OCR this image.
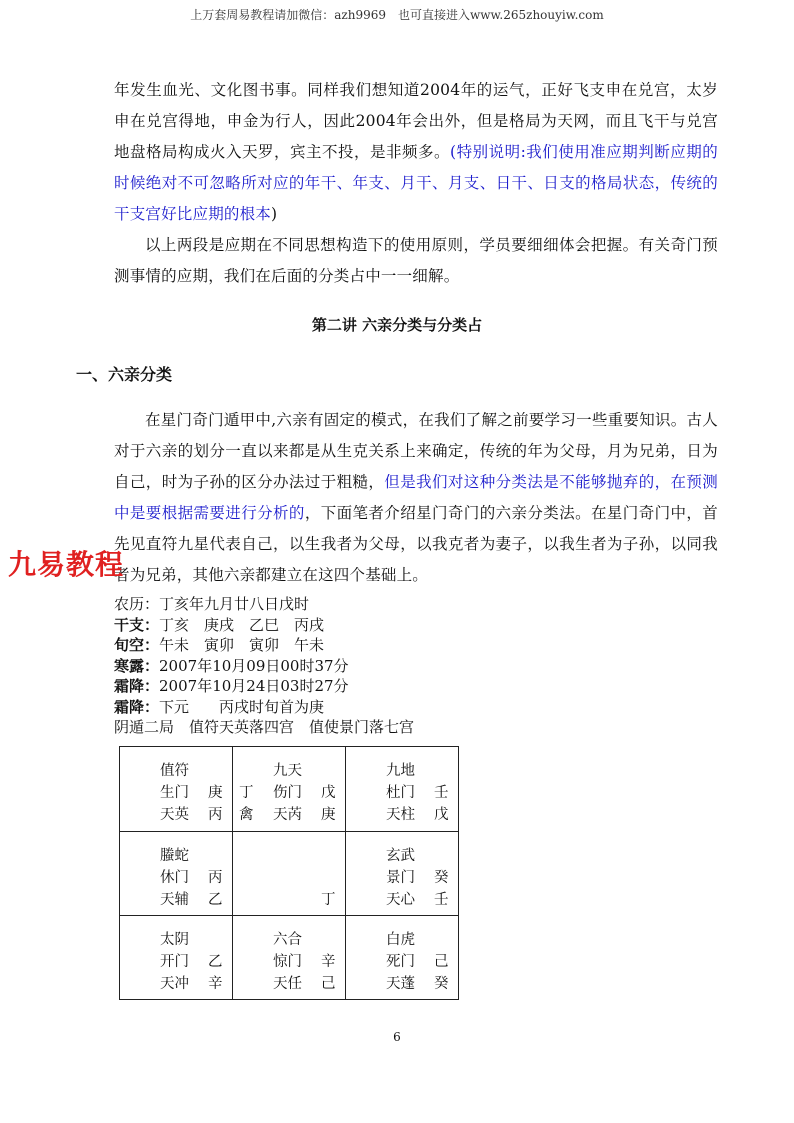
上万套周易教程请加微信：azh9969　也可直接进入www.265zhouyiw.com

年发生血光、文化图书事。同样我们想知道2004年的运气，正好飞支申在兑宫，太岁申在兑宫得地，申金为行人，因此2004年会出外，但是格局为天网，而且飞干与兑宫地盘格局构成火入天罗，宾主不投，是非频多。(特别说明:我们使用准应期判断应期的时候绝对不可忽略所对应的年干、年支、月干、月支、日干、日支的格局状态，传统的干支宫好比应期的根本)

以上两段是应期在不同思想构造下的使用原则，学员要细细体会把握。有关奇门预测事情的应期，我们在后面的分类占中一一细解。

第二讲 六亲分类与分类占
一、六亲分类

在星门奇门遁甲中,六亲有固定的模式，在我们了解之前要学习一些重要知识。古人对于六亲的划分一直以来都是从生克关系上来确定，传统的年为父母，月为兄弟，日为自己，时为子孙的区分办法过于粗糙，但是我们对这种分类法是不能够抛弃的，在预测中是要根据需要进行分析的，下面笔者介绍星门奇门的六亲分类法。在星门奇门中，首先见直符九星代表自己，以生我者为父母，以我克者为妻子，以我生者为子孙，以同我者为兄弟，其他六亲都建立在这四个基础上。

九易教程
农历：丁亥年九月廿八日戊时
干支：丁亥　庚戌　乙巳　丙戌
旬空：午未　寅卯　寅卯　午未
寒露：2007年10月09日00时37分
霜降：2007年10月24日03时27分
霜降：下元　　丙戌时旬首为庚
阴遁二局　值符天英落四宫　值使景门落七宫
值符
生门 庚
天英 丙
九天
丁 伤门 戊
禽 天芮 庚
九地
杜门 壬
天柱 戊
螣蛇
休门 丙
天辅 乙	丁
玄武
景门 癸
天心 壬
太阴
开门 乙
天冲 辛
六合
惊门 辛
天任 己
白虎
死门 己
天蓬 癸
6
